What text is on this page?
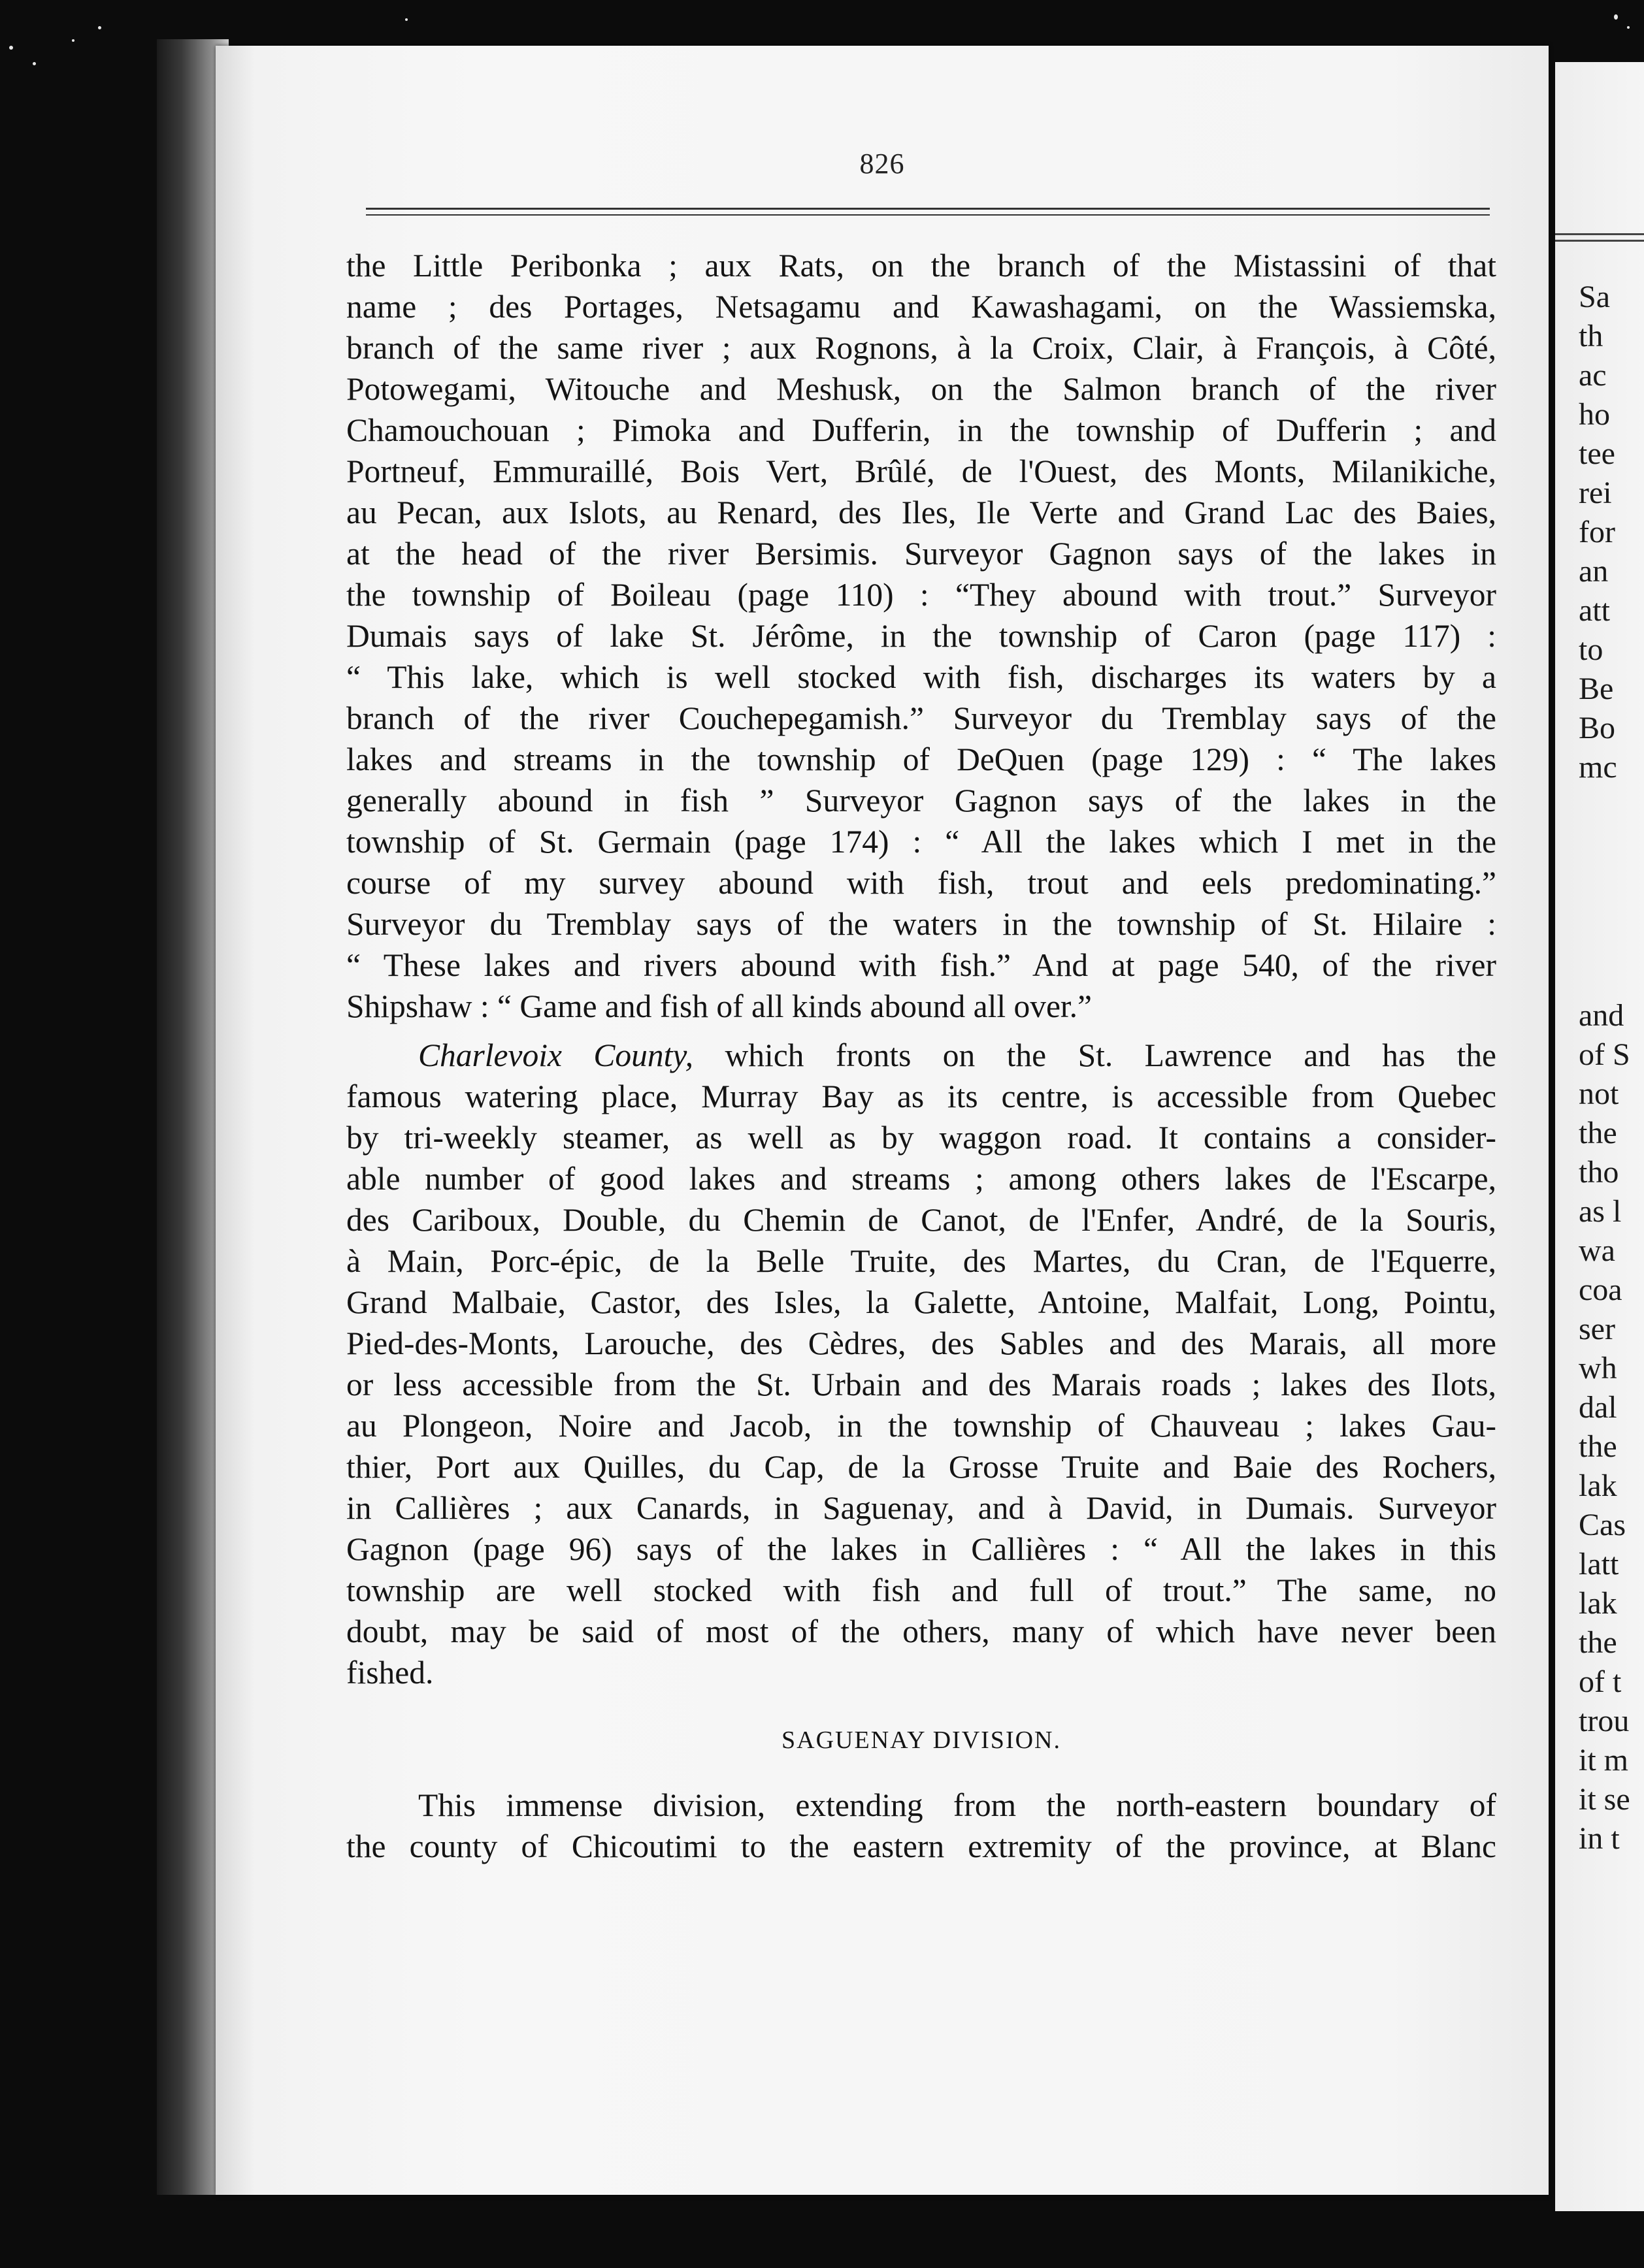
826
the Little Peribonka ; aux Rats, on the branch of the Mistassini of that
name ; des Portages, Netsagamu and Kawashagami, on the Wassiemska,
branch of the same river ; aux Rognons, à la Croix, Clair, à François, à Côté,
Potowegami, Witouche and Meshusk, on the Salmon branch of the river
Chamouchouan ; Pimoka and Dufferin, in the township of Dufferin ; and
Portneuf, Emmuraillé, Bois Vert, Brûlé, de l'Ouest, des Monts, Milanikiche,
au Pecan, aux Islots, au Renard, des Iles, Ile Verte and Grand Lac des Baies,
at the head of the river Bersimis. Surveyor Gagnon says of the lakes in
the township of Boileau (page 110) : “They abound with trout.” Surveyor
Dumais says of lake St. Jérôme, in the township of Caron (page 117) :
“ This lake, which is well stocked with fish, discharges its waters by a
branch of the river Couchepegamish.” Surveyor du Tremblay says of the
lakes and streams in the township of DeQuen (page 129) : “ The lakes
generally abound in fish ” Surveyor Gagnon says of the lakes in the
township of St. Germain (page 174) : “ All the lakes which I met in the
course of my survey abound with fish, trout and eels predominating.”
Surveyor du Tremblay says of the waters in the township of St. Hilaire :
“ These lakes and rivers abound with fish.” And at page 540, of the river
Shipshaw : “ Game and fish of all kinds abound all over.”
Charlevoix County, which fronts on the St. Lawrence and has the
famous watering place, Murray Bay as its centre, is accessible from Quebec
by tri-weekly steamer, as well as by waggon road. It contains a consider-
able number of good lakes and streams ; among others lakes de l'Escarpe,
des Cariboux, Double, du Chemin de Canot, de l'Enfer, André, de la Souris,
à Main, Porc-épic, de la Belle Truite, des Martes, du Cran, de l'Equerre,
Grand Malbaie, Castor, des Isles, la Galette, Antoine, Malfait, Long, Pointu,
Pied-des-Monts, Larouche, des Cèdres, des Sables and des Marais, all more
or less accessible from the St. Urbain and des Marais roads ; lakes des Ilots,
au Plongeon, Noire and Jacob, in the township of Chauveau ; lakes Gau-
thier, Port aux Quilles, du Cap, de la Grosse Truite and Baie des Rochers,
in Callières ; aux Canards, in Saguenay, and à David, in Dumais. Surveyor
Gagnon (page 96) says of the lakes in Callières : “ All the lakes in this
township are well stocked with fish and full of trout.” The same, no
doubt, may be said of most of the others, many of which have never been
fished.
SAGUENAY DIVISION.
This immense division, extending from the north-eastern boundary of
the county of Chicoutimi to the eastern extremity of the province, at Blanc
Sa
th
ac
ho
tee
rei
for
an
att
to
Be
Bo
mc
and
of S
not
the
tho
as l
wa
coa
ser
wh
dal
the
lak
Cas
latt
lak
the
of t
trou
it m
it se
in t
